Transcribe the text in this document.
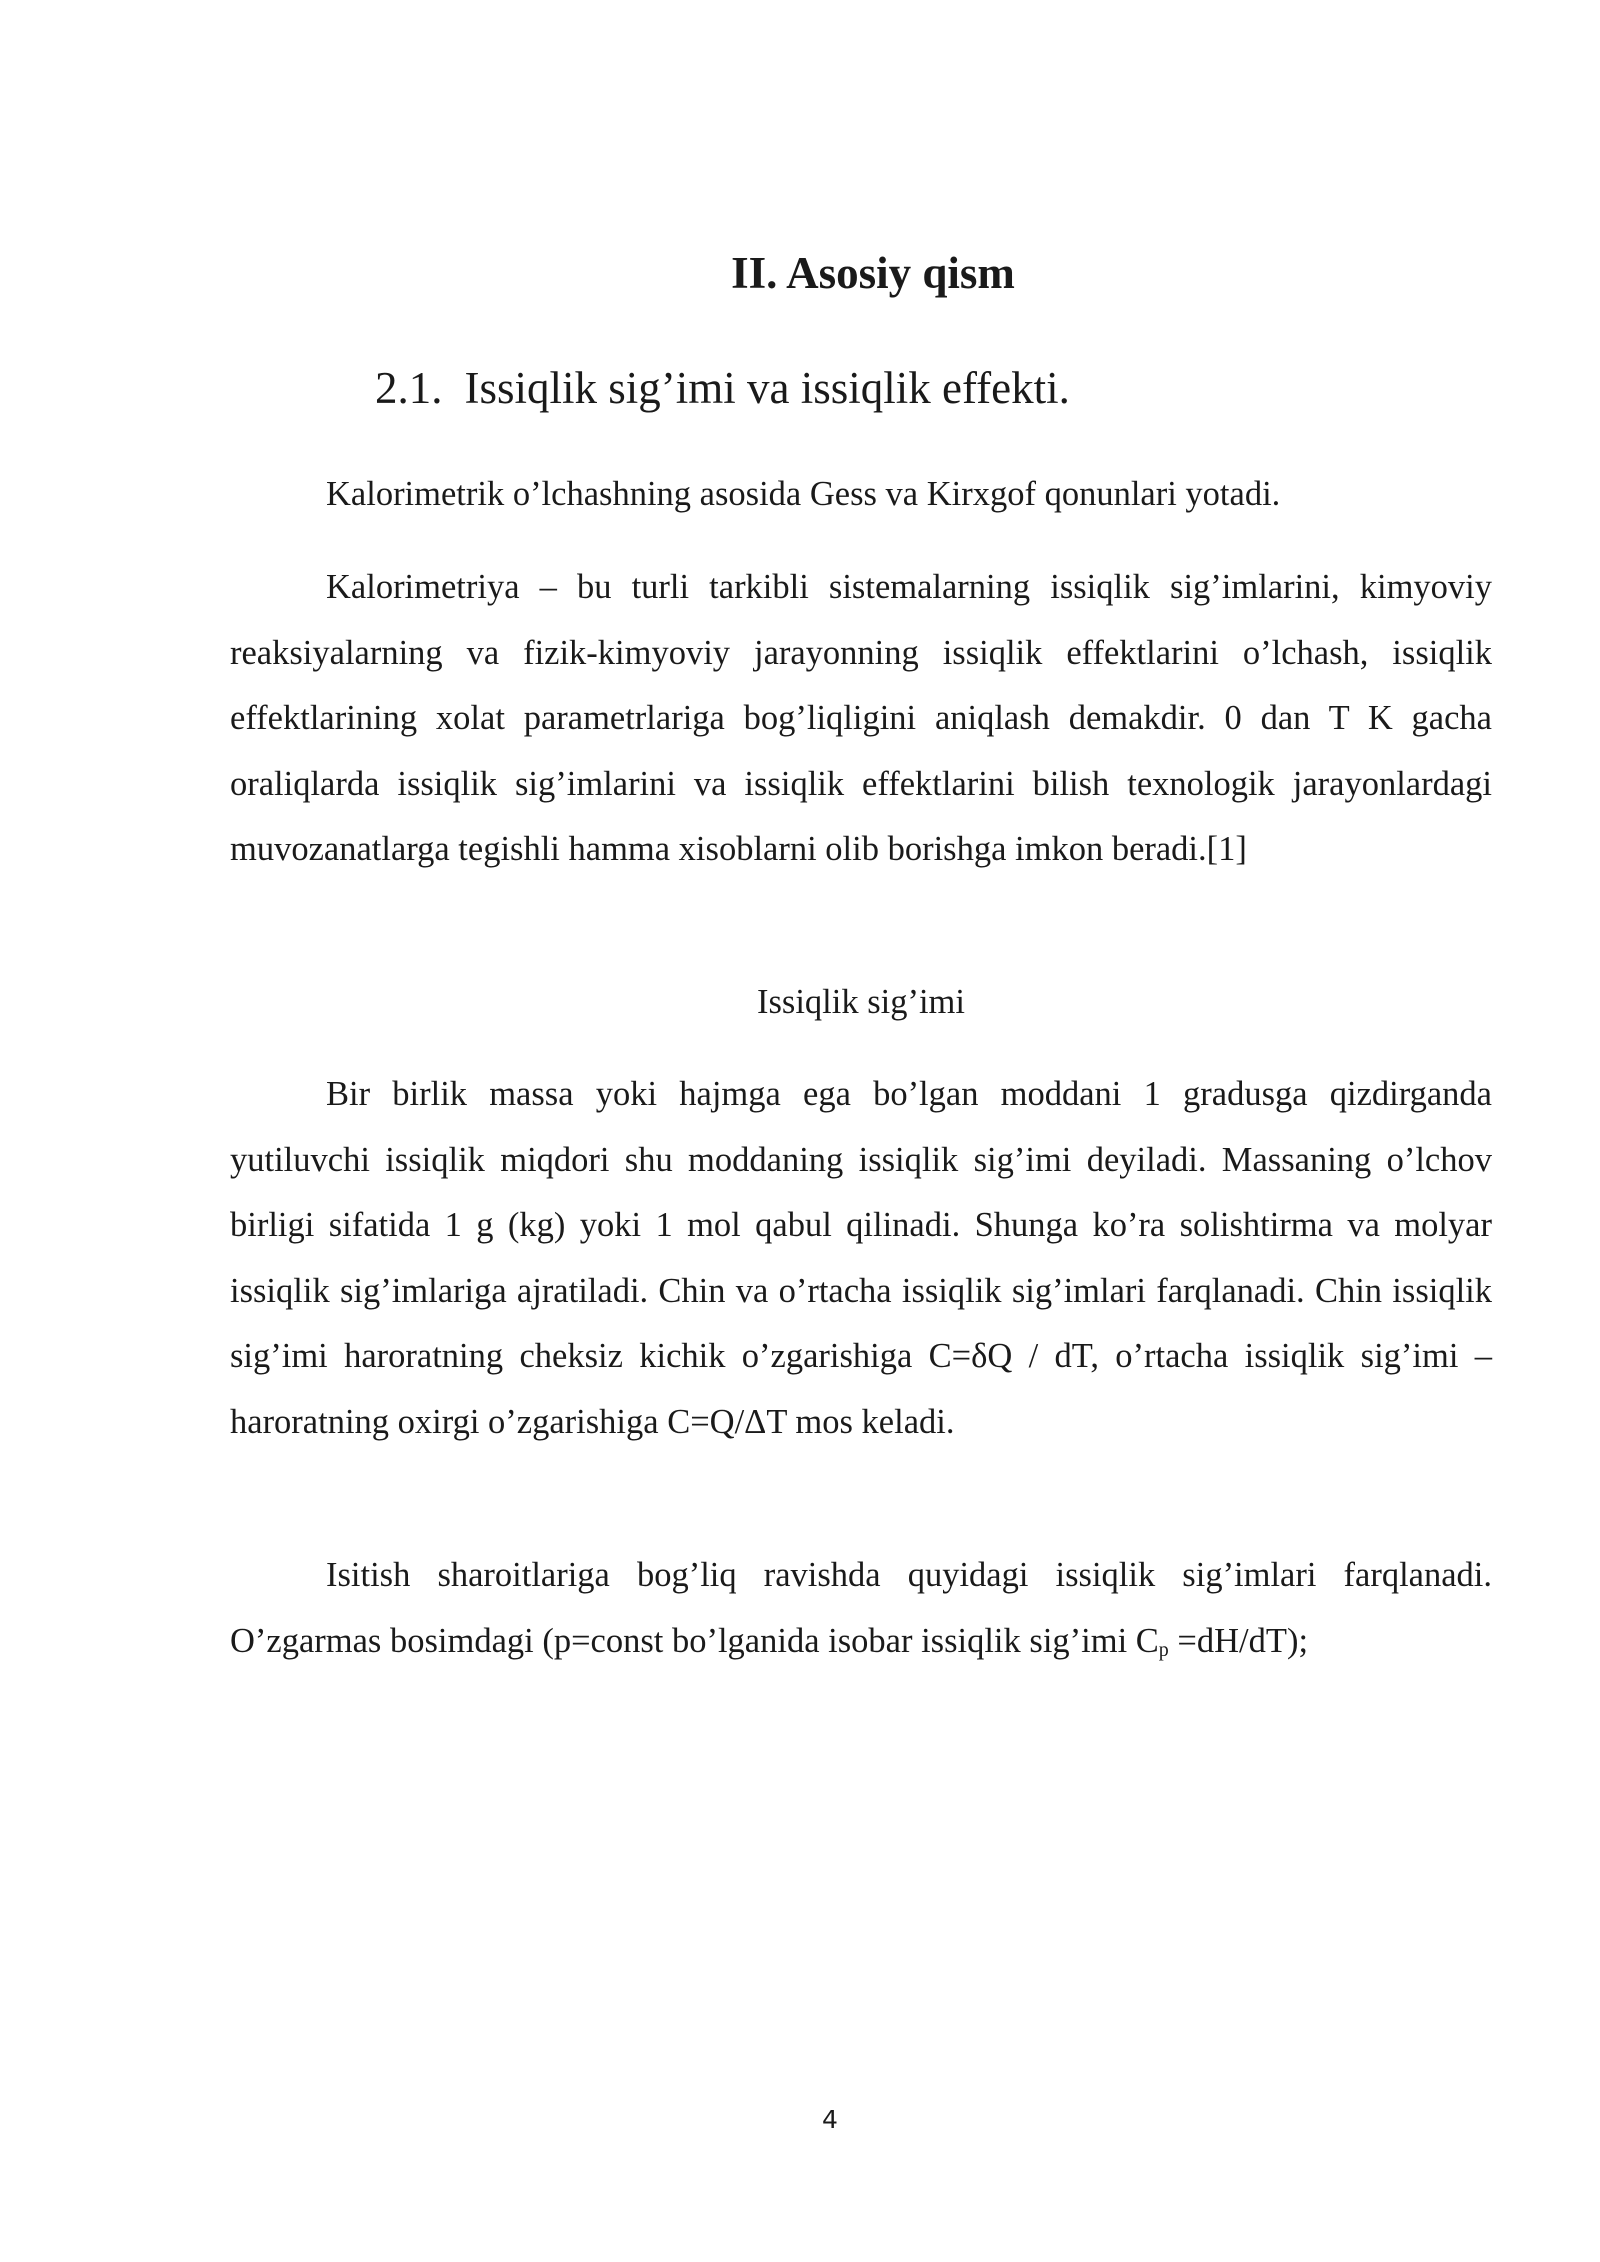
II. Asosiy qism
2.1. Issiqlik sig’imi va issiqlik effekti.

Kalorimetrik o’lchashning asosida Gess va Kirxgof qonunlari yotadi.

Kalorimetriya – bu turli tarkibli sistemalarning issiqlik sig’imlarini, kimyoviy reaksiyalarning va fizik-kimyoviy jarayonning issiqlik effektlarini o’lchash, issiqlik effektlarining xolat parametrlariga bog’liqligini aniqlash demakdir. 0 dan T K gacha oraliqlarda issiqlik sig’imlarini va issiqlik effektlarini bilish texnologik jarayonlardagi muvozanatlarga tegishli hamma xisoblarni olib borishga imkon beradi.[1]

Issiqlik sig’imi

Bir birlik massa yoki hajmga ega bo’lgan moddani 1 gradusga qizdirganda yutiluvchi issiqlik miqdori shu moddaning issiqlik sig’imi deyiladi. Massaning o’lchov birligi sifatida 1 g (kg) yoki 1 mol qabul qilinadi. Shunga ko’ra solishtirma va molyar issiqlik sig’imlariga ajratiladi. Chin va o’rtacha issiqlik sig’imlari farqlanadi. Chin issiqlik sig’imi haroratning cheksiz kichik o’zgarishiga C=δQ / dT, o’rtacha issiqlik sig’imi –haroratning oxirgi o’zgarishiga C=Q/ΔT mos keladi.

Isitish sharoitlariga bog’liq ravishda quyidagi issiqlik sig’imlari farqlanadi. O’zgarmas bosimdagi (p=const bo’lganida isobar issiqlik sig’imi $C_p =dH/dT$);

4
